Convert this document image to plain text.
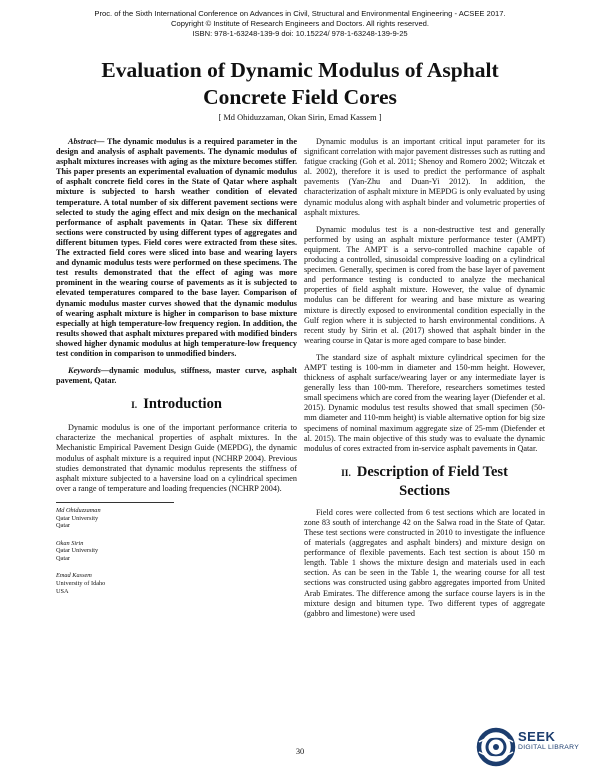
Proc. of the Sixth International Conference on Advances in Civil, Structural and Environmental Engineering - ACSEE 2017.
Copyright © Institute of Research Engineers and Doctors. All rights reserved.
ISBN: 978-1-63248-139-9 doi: 10.15224/ 978-1-63248-139-9-25
Evaluation of Dynamic Modulus of Asphalt
Concrete Field Cores
[ Md Ohiduzzaman, Okan Sirin, Emad Kassem ]

Abstract— The dynamic modulus is a required parameter in the design and analysis of asphalt pavements. The dynamic modulus of asphalt mixtures increases with aging as the mixture becomes stiffer. This paper presents an experimental evaluation of dynamic modulus of asphalt concrete field cores in the State of Qatar where asphalt mixture is subjected to harsh weather condition of elevated temperature. A total number of six different pavement sections were selected to study the aging effect and mix design on the mechanical performance of asphalt pavements in Qatar. These six different sections were constructed by using different types of aggregates and different bitumen types. Field cores were extracted from these sites. The extracted field cores were sliced into base and wearing layers and dynamic modulus tests were performed on these specimens. The test results demonstrated that the effect of aging was more prominent in the wearing course of pavements as it is subjected to elevated temperatures compared to the base layer. Comparison of dynamic modulus master curves showed that the dynamic modulus of wearing asphalt mixture is higher in comparison to base mixture especially at high temperature-low frequency region. In addition, the results showed that asphalt mixtures prepared with modified binders showed higher dynamic modulus at high temperature-low frequency test condition in comparison to unmodified binders.

Keywords—dynamic modulus, stiffness, master curve, asphalt pavement, Qatar.

I. Introduction

Dynamic modulus is one of the important performance criteria to characterize the mechanical properties of asphalt mixtures. In the Mechanistic Empirical Pavement Design Guide (MEPDG), the dynamic modulus of asphalt mixture is a required input (NCHRP 2004). Previous studies demonstrated that dynamic modulus represents the stiffness of asphalt mixture subjected to a haversine load on a cylindrical specimen over a range of temperature and loading frequencies (NCHRP 2004).

Md Ohiduzzaman
Qatar University
Qatar
Okan Sirin
Qatar University
Qatar
Emad Kassem
University of Idaho
USA

Dynamic modulus is an important critical input parameter for its significant correlation with major pavement distresses such as rutting and fatigue cracking (Goh et al. 2011; Shenoy and Romero 2002; Witczak et al. 2002), therefore it is used to predict the performance of asphalt pavements (Yan-Zhu and Duan-Yi 2012). In addition, the characterization of asphalt mixture in MEPDG is only evaluated by using dynamic modulus along with asphalt binder and volumetric properties of asphalt mixtures.

Dynamic modulus test is a non-destructive test and generally performed by using an asphalt mixture performance tester (AMPT) equipment. The AMPT is a servo-controlled machine capable of producing a controlled, sinusoidal compressive loading on a cylindrical specimen. Generally, specimen is cored from the base layer of pavement and performance testing is conducted to analyze the mechanical properties of field asphalt mixture. However, the value of dynamic modulus can be different for wearing and base mixture as wearing mixture is directly exposed to environmental condition especially in the Gulf region where it is subjected to harsh environmental conditions. A recent study by Sirin et al. (2017) showed that asphalt binder in the wearing course in Qatar is more aged compare to base binder.

The standard size of asphalt mixture cylindrical specimen for the AMPT testing is 100-mm in diameter and 150-mm height. However, thickness of asphalt surface/wearing layer or any intermediate layer is generally less than 100-mm. Therefore, researchers sometimes tested small specimens which are cored from the wearing layer (Diefender et al. 2015). Dynamic modulus test results showed that small specimen (50-mm diameter and 110-mm height) is viable alternative option for big size specimens of nominal maximum aggregate size of 25-mm (Diefender et al. 2015). The main objective of this study was to evaluate the dynamic modulus of cores extracted from in-service asphalt pavements in Qatar.

II. Description of Field Test
Sections

Field cores were collected from 6 test sections which are located in zone 83 south of interchange 42 on the Salwa road in the State of Qatar. These test sections were constructed in 2010 to investigate the influence of materials (aggregates and asphalt binders) and mixture design on performance of flexible pavements. Each test section is about 150 m length. Table 1 shows the mixture design and materials used in each section. As can be seen in the Table 1, the wearing course for all test sections was constructed using gabbro aggregates imported from United Arab Emirates. The difference among the surface course layers is in the mixture design and bitumen type. Two different types of aggregate (gabbro and limestone) were used

30
SEEK
DIGITAL LIBRARY
